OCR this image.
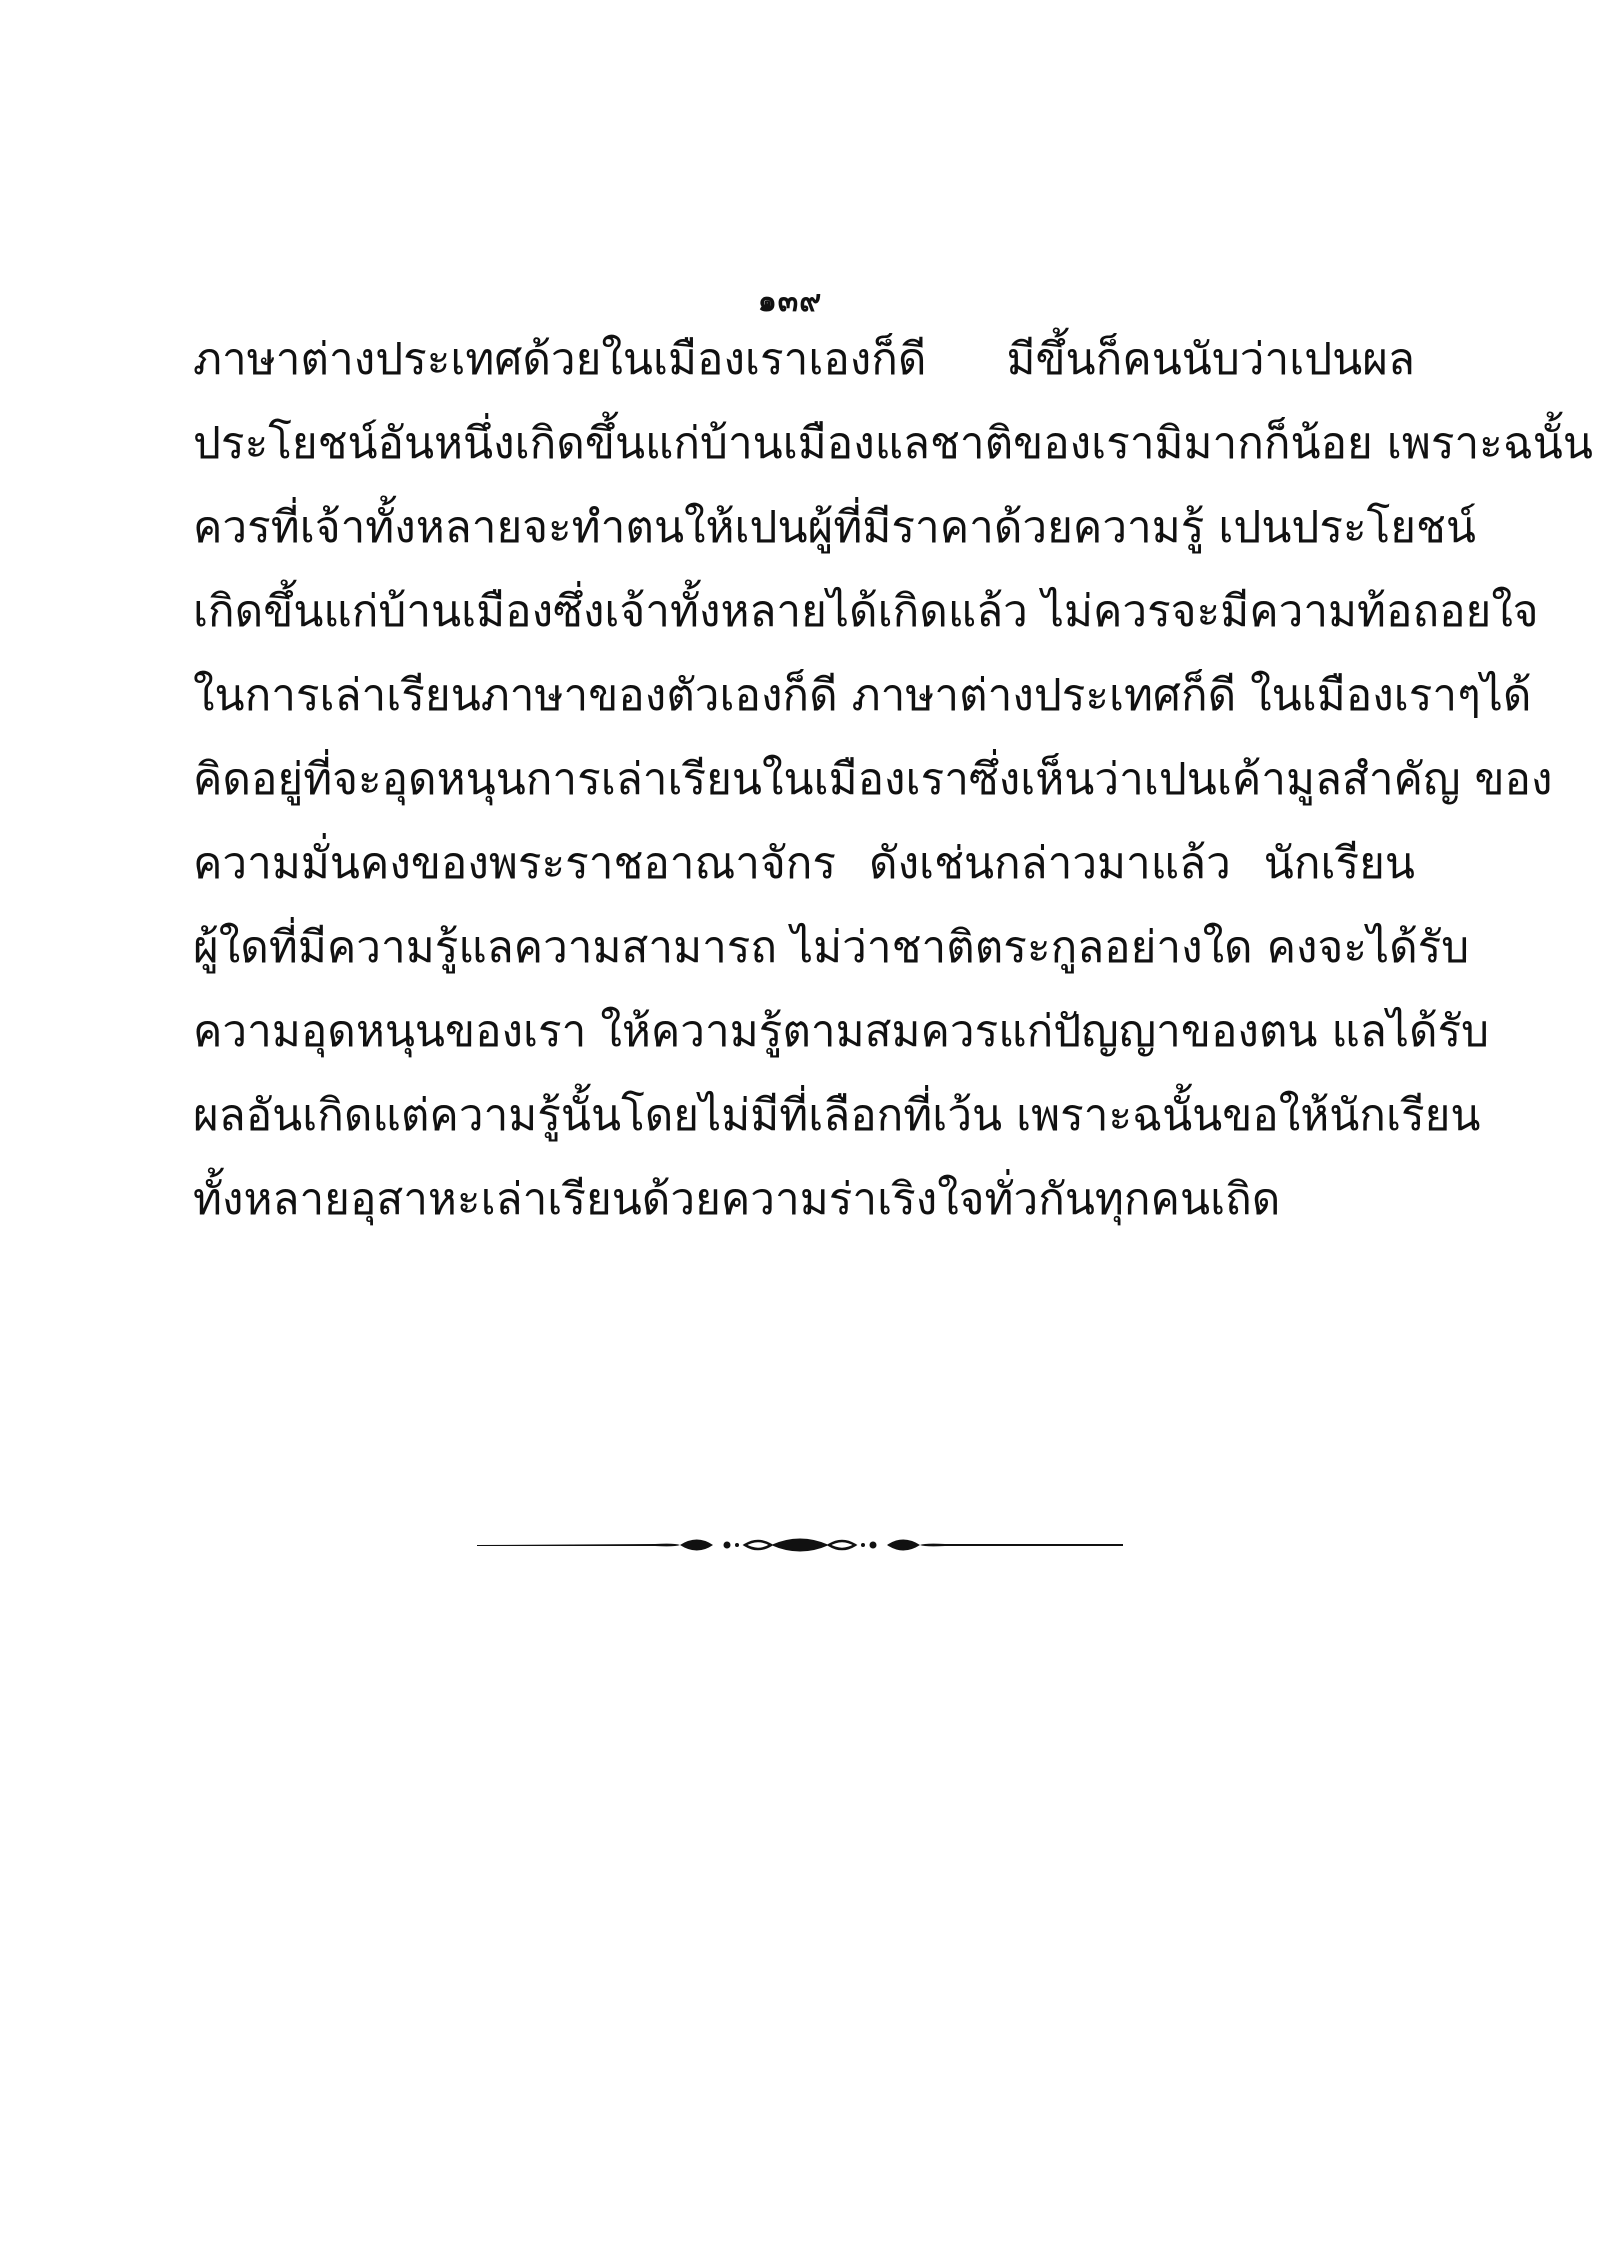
๑๓๙
ภาษาต่างประเทศด้วยในเมืองเราเองก็ดี มีขึ้นก็คนนับว่าเปนผล
ประโยชน์อันหนึ่งเกิดขึ้นแก่บ้านเมืองแลชาติของเรามิมากก็น้อย เพราะฉนั้น
ควรที่เจ้าทั้งหลายจะทำตนให้เปนผู้ที่มีราคาด้วยความรู้ เปนประโยชน์
เกิดขึ้นแก่บ้านเมืองซึ่งเจ้าทั้งหลายได้เกิดแล้ว ไม่ควรจะมีความท้อถอยใจ
ในการเล่าเรียนภาษาของตัวเองก็ดี ภาษาต่างประเทศก็ดี ในเมืองเราๆได้
คิดอยู่ที่จะอุดหนุนการเล่าเรียนในเมืองเราซึ่งเห็นว่าเปนเค้ามูลสำคัญ ของ
ความมั่นคงของพระราชอาณาจักร ดังเช่นกล่าวมาแล้ว นักเรียน
ผู้ใดที่มีความรู้แลความสามารถ ไม่ว่าชาติตระกูลอย่างใด คงจะได้รับ
ความอุดหนุนของเรา ให้ความรู้ตามสมควรแก่ปัญญาของตน แลได้รับ
ผลอันเกิดแต่ความรู้นั้นโดยไม่มีที่เลือกที่เว้น เพราะฉนั้นขอให้นักเรียน
ทั้งหลายอุสาหะเล่าเรียนด้วยความร่าเริงใจทั่วกันทุกคนเถิด
